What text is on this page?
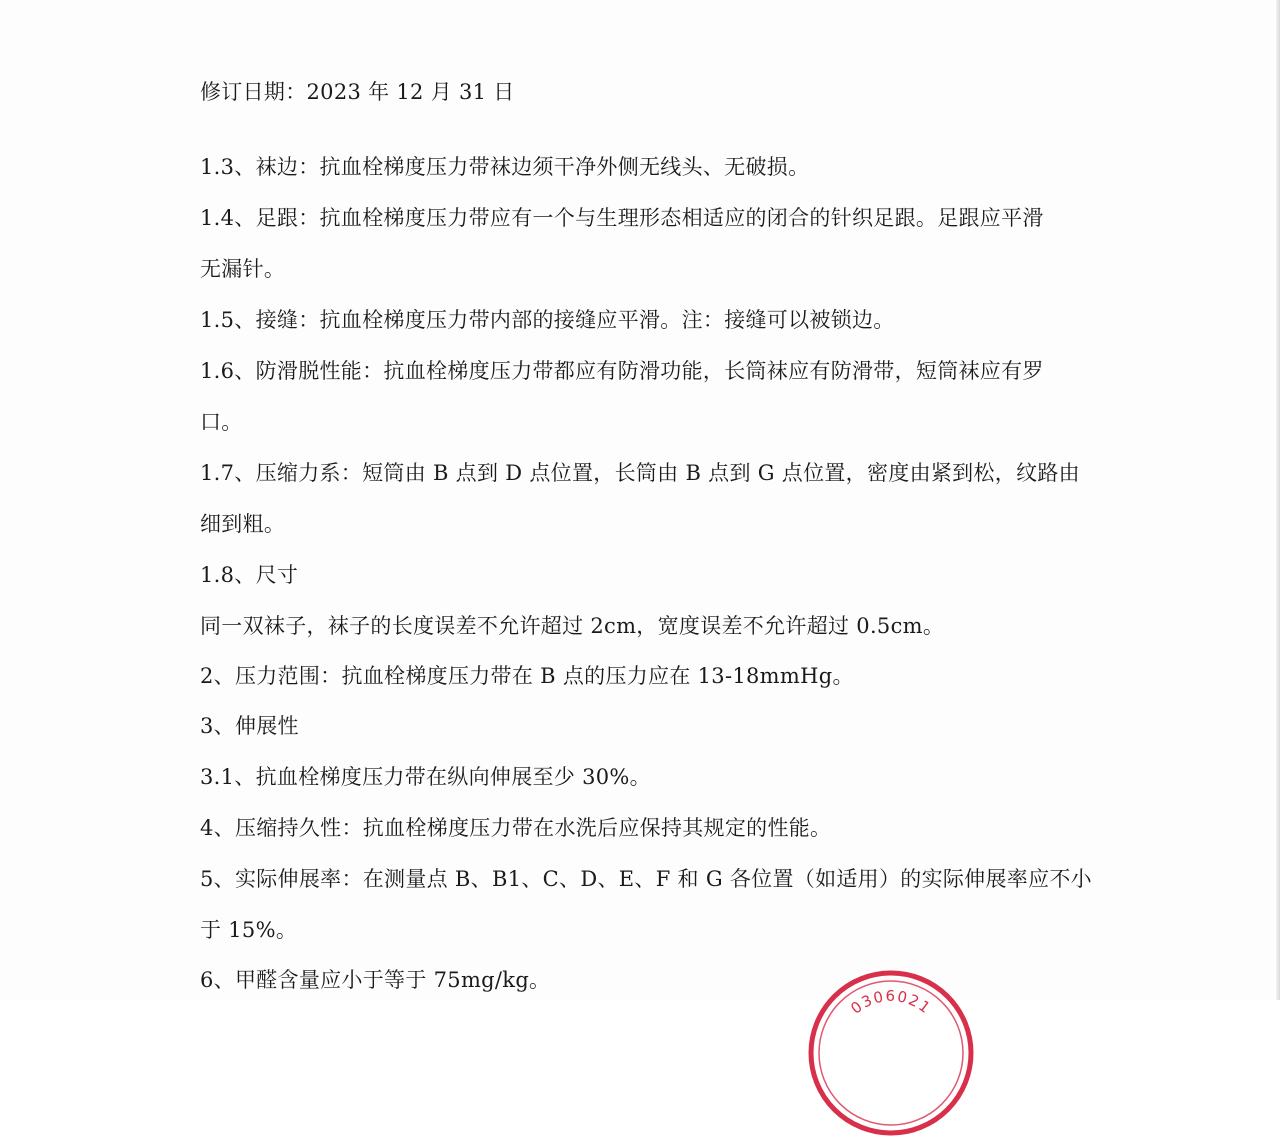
修订日期：2023 年 12 月 31 日

1.3、袜边：抗血栓梯度压力带袜边须干净外侧无线头、无破损。

1.4、足跟：抗血栓梯度压力带应有一个与生理形态相适应的闭合的针织足跟。足跟应平滑

无漏针。

1.5、接缝：抗血栓梯度压力带内部的接缝应平滑。注：接缝可以被锁边。

1.6、防滑脱性能：抗血栓梯度压力带都应有防滑功能，长筒袜应有防滑带，短筒袜应有罗

口。

1.7、压缩力系：短筒由 B 点到 D 点位置，长筒由 B 点到 G 点位置，密度由紧到松，纹路由

细到粗。

1.8、尺寸

同一双袜子，袜子的长度误差不允许超过 2cm，宽度误差不允许超过 0.5cm。

2、压力范围：抗血栓梯度压力带在 B 点的压力应在 13-18mmHg。

3、伸展性

3.1、抗血栓梯度压力带在纵向伸展至少 30%。

4、压缩持久性：抗血栓梯度压力带在水洗后应保持其规定的性能。

5、实际伸展率：在测量点 B、B1、C、D、E、F 和 G 各位置（如适用）的实际伸展率应不小

于 15%。

6、甲醛含量应小于等于 75mg/kg。

0306021
